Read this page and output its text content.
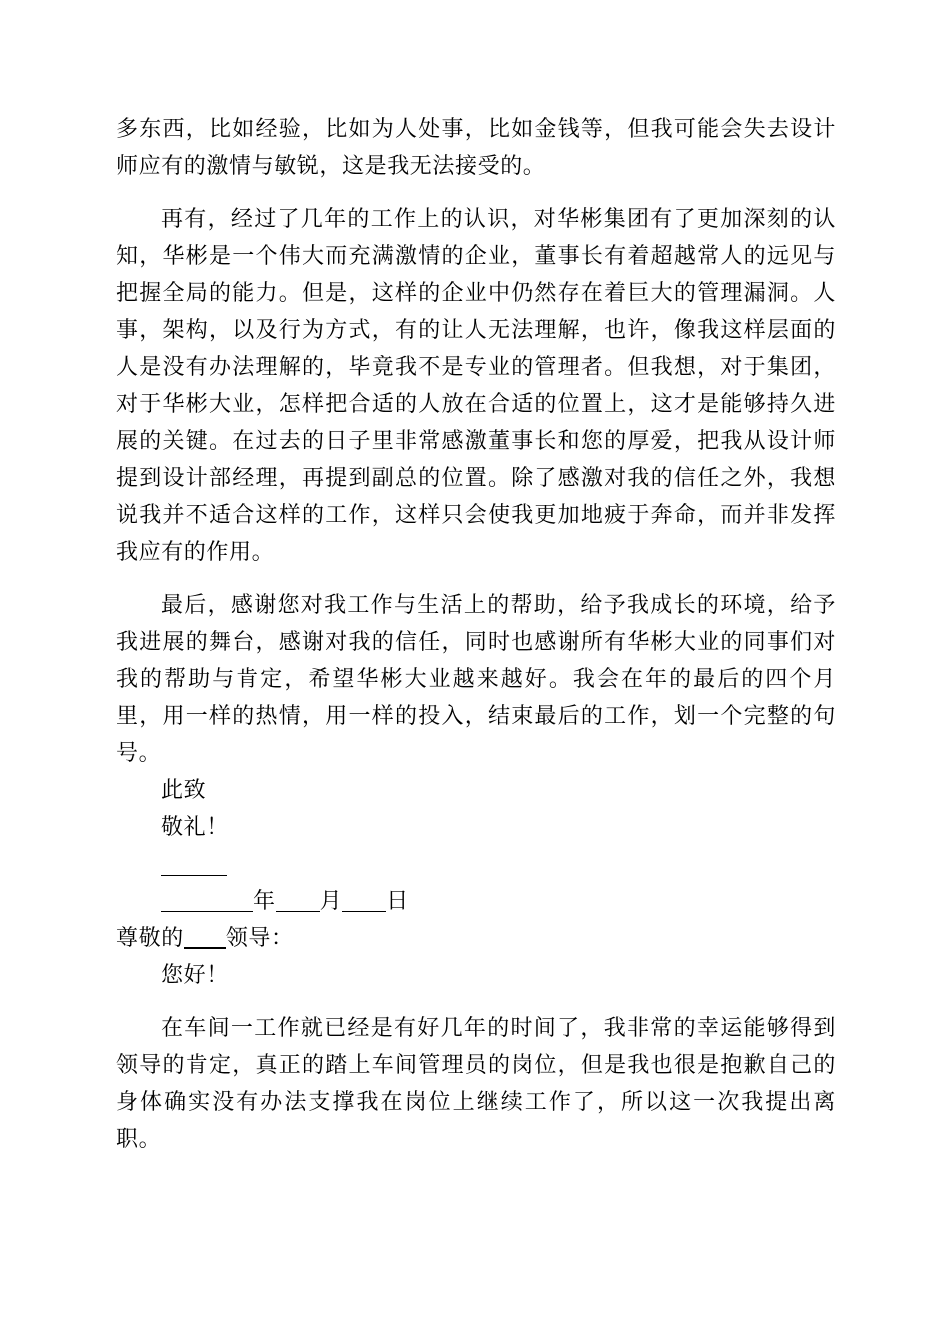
多东西，比如经验，比如为人处事，比如金钱等，但我可能会失去设计师应有的激情与敏锐，这是我无法接受的。

再有，经过了几年的工作上的认识，对华彬集团有了更加深刻的认知，华彬是一个伟大而充满激情的企业，董事长有着超越常人的远见与把握全局的能力。但是，这样的企业中仍然存在着巨大的管理漏洞。人事，架构，以及行为方式，有的让人无法理解，也许，像我这样层面的人是没有办法理解的，毕竟我不是专业的管理者。但我想，对于集团，对于华彬大业，怎样把合适的人放在合适的位置上，这才是能够持久进展的关键。在过去的日子里非常感激董事长和您的厚爱，把我从设计师提到设计部经理，再提到副总的位置。除了感激对我的信任之外，我想说我并不适合这样的工作，这样只会使我更加地疲于奔命，而并非发挥我应有的作用。

最后，感谢您对我工作与生活上的帮助，给予我成长的环境，给予我进展的舞台，感谢对我的信任，同时也感谢所有华彬大业的同事们对我的帮助与肯定，希望华彬大业越来越好。我会在年的最后的四个月里，用一样的热情，用一样的投入，结束最后的工作，划一个完整的句号。

此致

敬礼！

年 月 日

尊敬的 领导：

您好！

在车间一工作就已经是有好几年的时间了，我非常的幸运能够得到领导的肯定，真正的踏上车间管理员的岗位，但是我也很是抱歉自己的身体确实没有办法支撑我在岗位上继续工作了，所以这一次我提出离职。
